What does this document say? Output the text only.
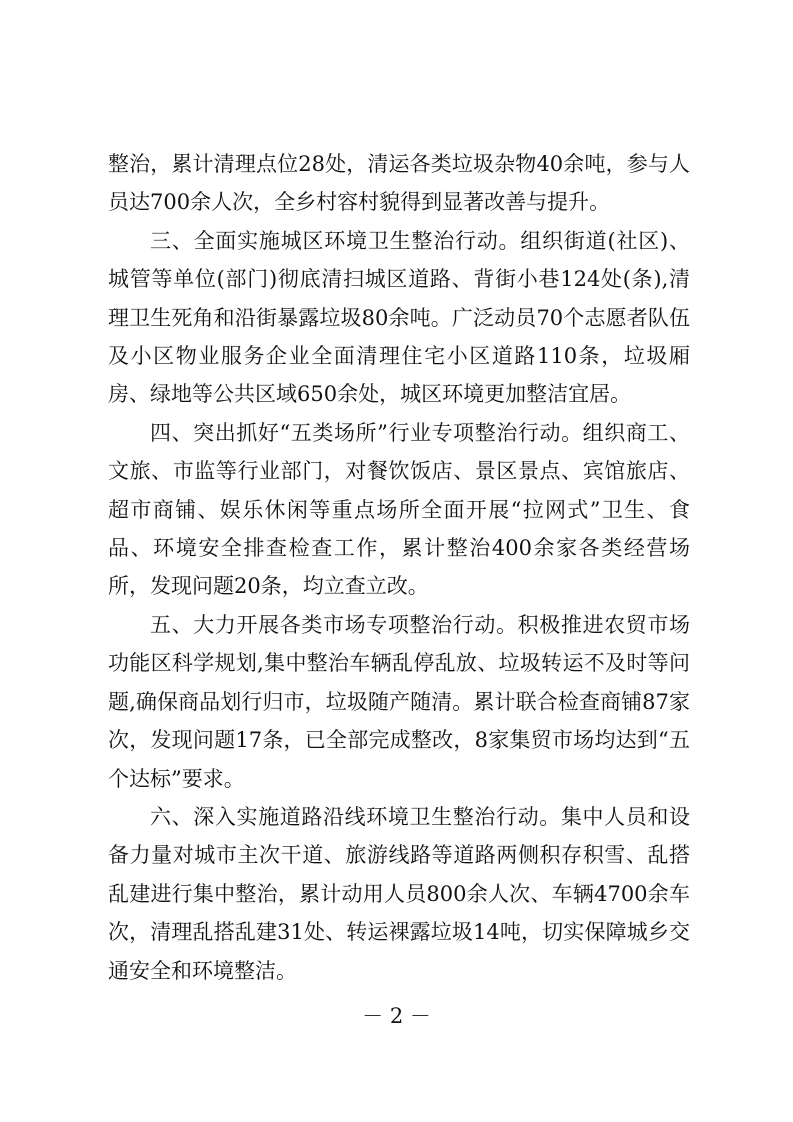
整治，累计清理点位28处，清运各类垃圾杂物40余吨，参与人员达700余人次，全乡村容村貌得到显著改善与提升。

三、全面实施城区环境卫生整治行动。组织街道(社区)、城管等单位(部门)彻底清扫城区道路、背街小巷124处(条),清理卫生死角和沿街暴露垃圾80余吨。广泛动员70个志愿者队伍及小区物业服务企业全面清理住宅小区道路110条，垃圾厢房、绿地等公共区域650余处，城区环境更加整洁宜居。

四、突出抓好“五类场所”行业专项整治行动。组织商工、文旅、市监等行业部门，对餐饮饭店、景区景点、宾馆旅店、超市商铺、娱乐休闲等重点场所全面开展“拉网式”卫生、食品、环境安全排查检查工作，累计整治400余家各类经营场所，发现问题20条，均立查立改。

五、大力开展各类市场专项整治行动。积极推进农贸市场功能区科学规划,集中整治车辆乱停乱放、垃圾转运不及时等问题,确保商品划行归市，垃圾随产随清。累计联合检查商铺87家次，发现问题17条，已全部完成整改，8家集贸市场均达到“五个达标”要求。

六、深入实施道路沿线环境卫生整治行动。集中人员和设备力量对城市主次干道、旅游线路等道路两侧积存积雪、乱搭乱建进行集中整治，累计动用人员800余人次、车辆4700余车次，清理乱搭乱建31处、转运裸露垃圾14吨，切实保障城乡交通安全和环境整洁。

－ 2 －
